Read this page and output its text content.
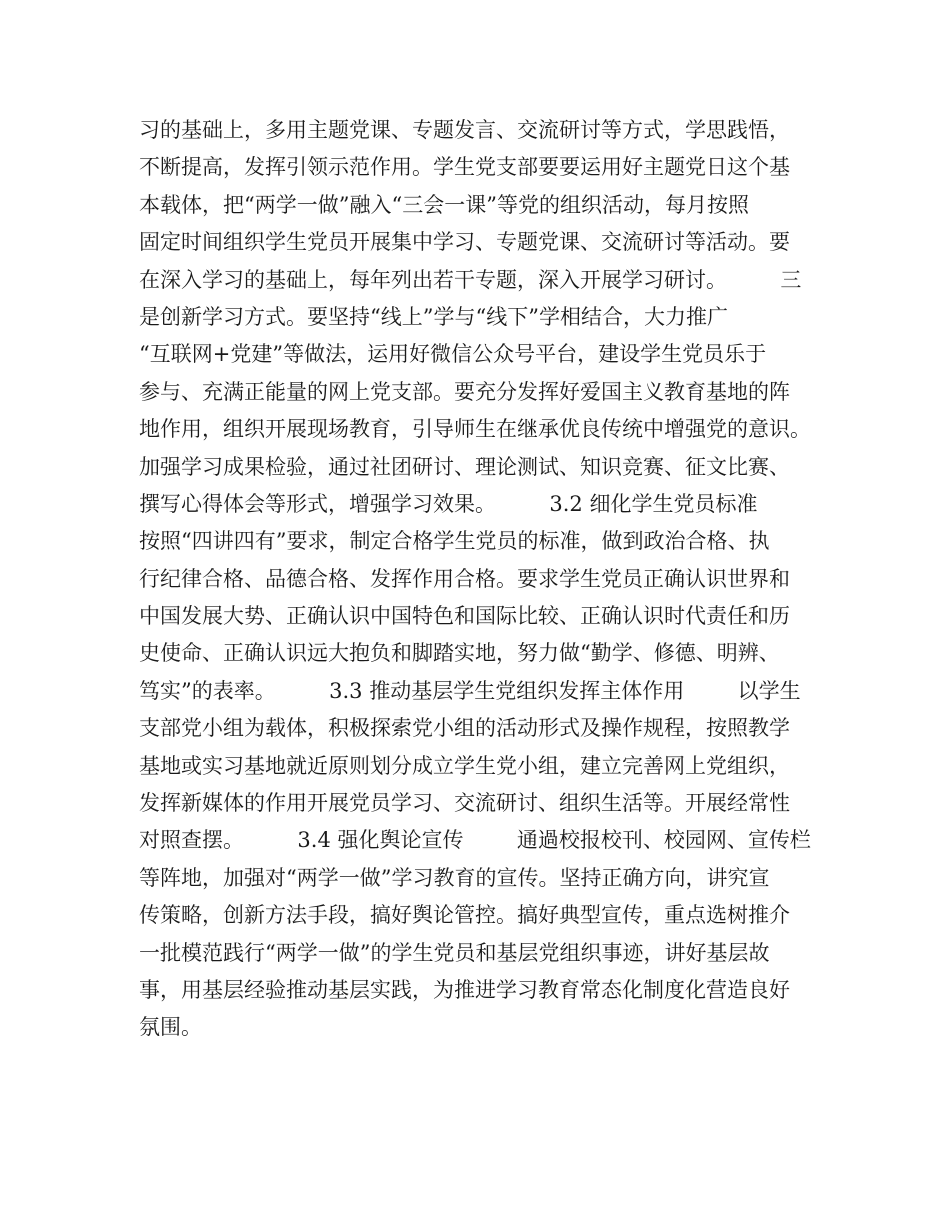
习的基础上，多用主题党课、专题发言、交流研讨等方式，学思践悟，
不断提高，发挥引领示范作用。学生党支部要要运用好主题党日这个基
本载体，把“两学一做”融入“三会一课”等党的组织活动，每月按照
固定时间组织学生党员开展集中学习、专题党课、交流研讨等活动。要
在深入学习的基础上，每年列出若干专题，深入开展学习研讨。        三
是创新学习方式。要坚持“线上”学与“线下”学相结合，大力推广
“互联网+党建”等做法，运用好微信公众号平台，建设学生党员乐于
参与、充满正能量的网上党支部。要充分发挥好爱国主义教育基地的阵
地作用，组织开展现场教育，引导师生在继承优良传统中增强党的意识。
加强学习成果检验，通过社团研讨、理论测试、知识竞赛、征文比赛、
撰写心得体会等形式，增强学习效果。        3.2 细化学生党员标准
按照“四讲四有”要求，制定合格学生党员的标准，做到政治合格、执
行纪律合格、品德合格、发挥作用合格。要求学生党员正确认识世界和
中国发展大势、正确认识中国特色和国际比较、正确认识时代责任和历
史使命、正确认识远大抱负和脚踏实地，努力做“勤学、修德、明辨、
笃实”的表率。        3.3 推动基层学生党组织发挥主体作用        以学生
支部党小组为载体，积极探索党小组的活动形式及操作规程，按照教学
基地或实习基地就近原则划分成立学生党小组，建立完善网上党组织，
发挥新媒体的作用开展党员学习、交流研讨、组织生活等。开展经常性
对照查摆。        3.4 强化舆论宣传        通過校报校刊、校园网、宣传栏
等阵地，加强对“两学一做”学习教育的宣传。坚持正确方向，讲究宣
传策略，创新方法手段，搞好舆论管控。搞好典型宣传，重点选树推介
一批模范践行“两学一做”的学生党员和基层党组织事迹，讲好基层故
事，用基层经验推动基层实践，为推进学习教育常态化制度化营造良好
氛围。
